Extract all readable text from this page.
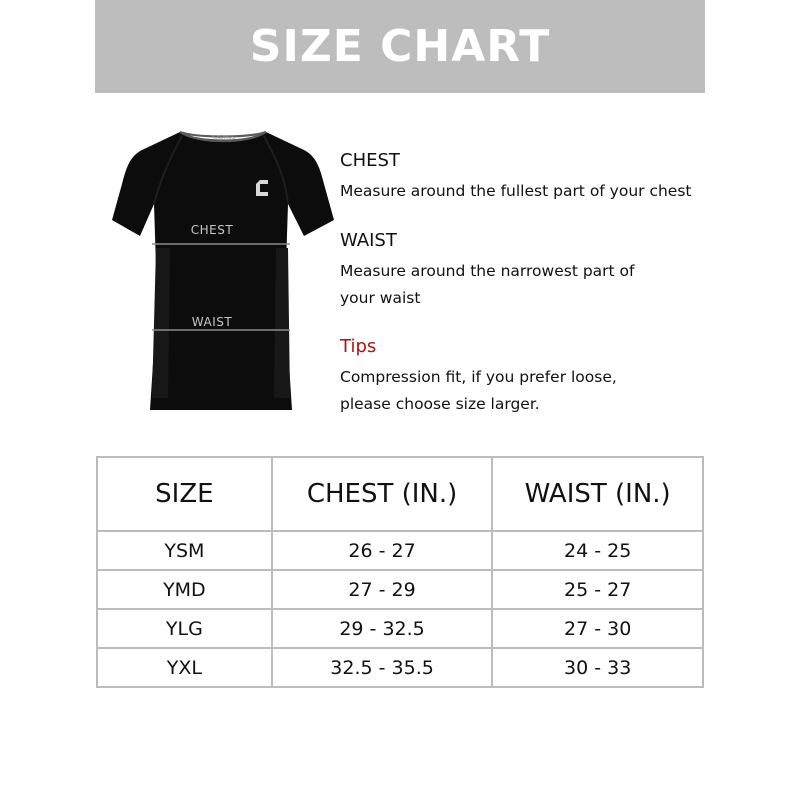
SIZE CHART
CADMUS
CHEST
WAIST

CHEST

Measure around the fullest part of your chest

WAIST

Measure around the narrowest part of

your waist

Tips

Compression fit, if you prefer loose,

please choose size larger.

SIZE	CHEST (IN.)	WAIST (IN.)
YSM	26 - 27	24 - 25
YMD	27 - 29	25 - 27
YLG	29 - 32.5	27 - 30
YXL	32.5 - 35.5	30 - 33
